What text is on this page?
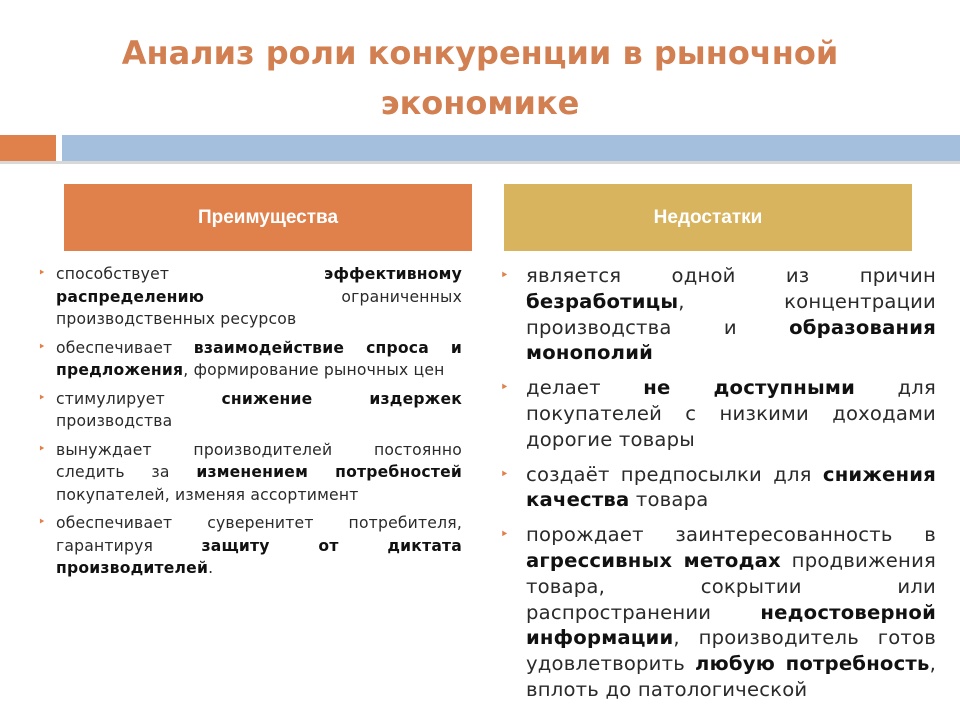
Анализ роли конкуренции в рыночной экономике
Преимущества	Недостатки
‣ способствует эффективному распределению ограниченных производственных ресурсов
‣ обеспечивает взаимодействие спроса и предложения, формирование рыночных цен
‣ стимулирует снижение издержек производства
‣ вынуждает производителей постоянно следить за изменением потребностей покупателей, изменяя ассортимент
‣ обеспечивает суверенитет потребителя, гарантируя защиту от диктата производителей.
‣ является одной из причин безработицы, концентрации производства и образования монополий
‣ делает не доступными для покупателей с низкими доходами дорогие товары
‣ создаёт предпосылки для снижения качества товара
‣ порождает заинтересованность в агрессивных методах продвижения товара, сокрытии или распространении недостоверной информации, производитель готов удовлетворить любую потребность, вплоть до патологической
